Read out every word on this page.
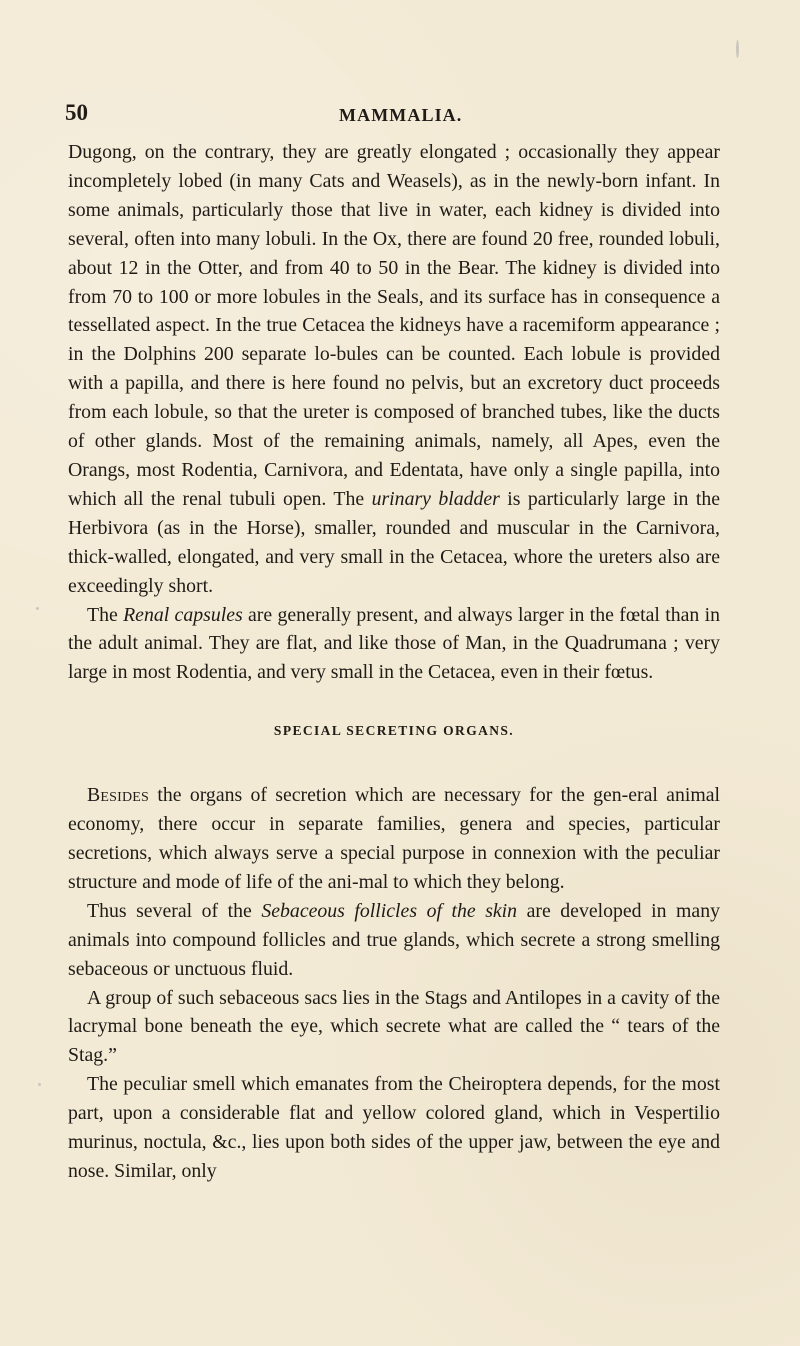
50	MAMMALIA.

Dugong, on the contrary, they are greatly elongated ; occasionally they appear incompletely lobed (in many Cats and Weasels), as in the newly-born infant. In some animals, particularly those that live in water, each kidney is divided into several, often into many lobuli. In the Ox, there are found 20 free, rounded lobuli, about 12 in the Otter, and from 40 to 50 in the Bear. The kidney is divided into from 70 to 100 or more lobules in the Seals, and its surface has in consequence a tessellated aspect. In the true Cetacea the kidneys have a racemiform appearance ; in the Dolphins 200 separate lo-bules can be counted. Each lobule is provided with a papilla, and there is here found no pelvis, but an excretory duct proceeds from each lobule, so that the ureter is composed of branched tubes, like the ducts of other glands. Most of the remaining animals, namely, all Apes, even the Orangs, most Rodentia, Carnivora, and Edentata, have only a single papilla, into which all the renal tubuli open. The urinary bladder is particularly large in the Herbivora (as in the Horse), smaller, rounded and muscular in the Carnivora, thick-walled, elongated, and very small in the Cetacea, whore the ureters also are exceedingly short.

The Renal capsules are generally present, and always larger in the fœtal than in the adult animal. They are flat, and like those of Man, in the Quadrumana ; very large in most Rodentia, and very small in the Cetacea, even in their fœtus.

SPECIAL SECRETING ORGANS.

Besides the organs of secretion which are necessary for the gen-eral animal economy, there occur in separate families, genera and species, particular secretions, which always serve a special purpose in connexion with the peculiar structure and mode of life of the ani-mal to which they belong.

Thus several of the Sebaceous follicles of the skin are developed in many animals into compound follicles and true glands, which secrete a strong smelling sebaceous or unctuous fluid.

A group of such sebaceous sacs lies in the Stags and Antilopes in a cavity of the lacrymal bone beneath the eye, which secrete what are called the “ tears of the Stag.”

The peculiar smell which emanates from the Cheiroptera depends, for the most part, upon a considerable flat and yellow colored gland, which in Vespertilio murinus, noctula, &c., lies upon both sides of the upper jaw, between the eye and nose. Similar, only
